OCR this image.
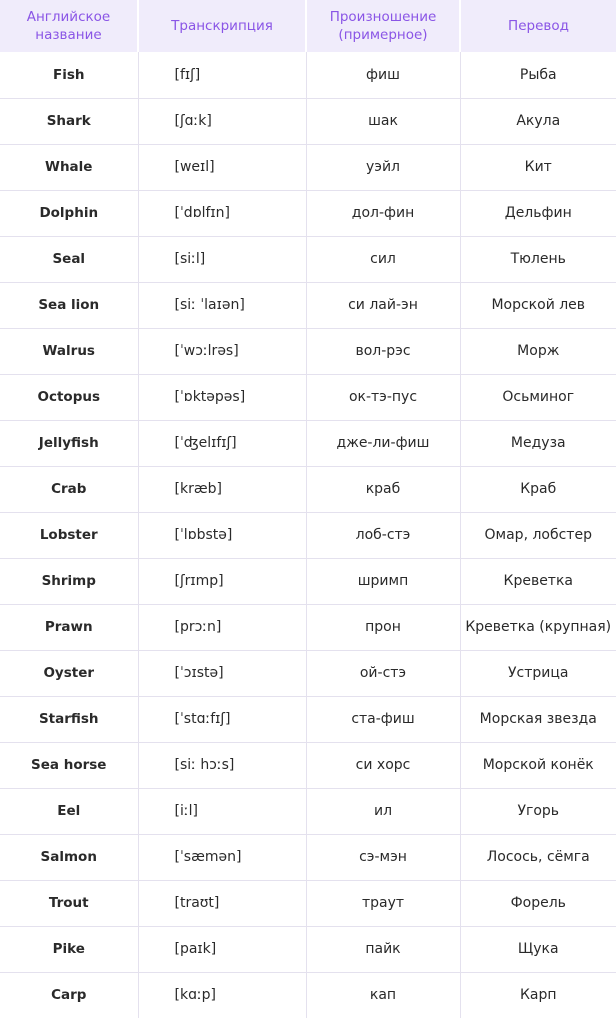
Английское название	Транскрипция	Произношение (примерное)	Перевод
Fish	[fɪʃ]	фиш	Рыба
Shark	[ʃɑːk]	шак	Акула
Whale	[weɪl]	уэйл	Кит
Dolphin	[ˈdɒlfɪn]	дол-фин	Дельфин
Seal	[siːl]	сил	Тюлень
Sea lion	[siː ˈlaɪən]	си лай-эн	Морской лев
Walrus	[ˈwɔːlrəs]	вол-рэс	Морж
Octopus	[ˈɒktəpəs]	ок-тэ-пус	Осьминог
Jellyfish	[ˈʤelɪfɪʃ]	дже-ли-фиш	Медуза
Crab	[kræb]	краб	Краб
Lobster	[ˈlɒbstə]	лоб-стэ	Омар, лобстер
Shrimp	[ʃrɪmp]	шримп	Креветка
Prawn	[prɔːn]	прон	Креветка (крупная)
Oyster	[ˈɔɪstə]	ой-стэ	Устрица
Starfish	[ˈstɑːfɪʃ]	ста-фиш	Морская звезда
Sea horse	[siː hɔːs]	си хорс	Морской конёк
Eel	[iːl]	ил	Угорь
Salmon	[ˈsæmən]	сэ-мэн	Лосось, сёмга
Trout	[traʊt]	траут	Форель
Pike	[paɪk]	пайк	Щука
Carp	[kɑːp]	кап	Карп
